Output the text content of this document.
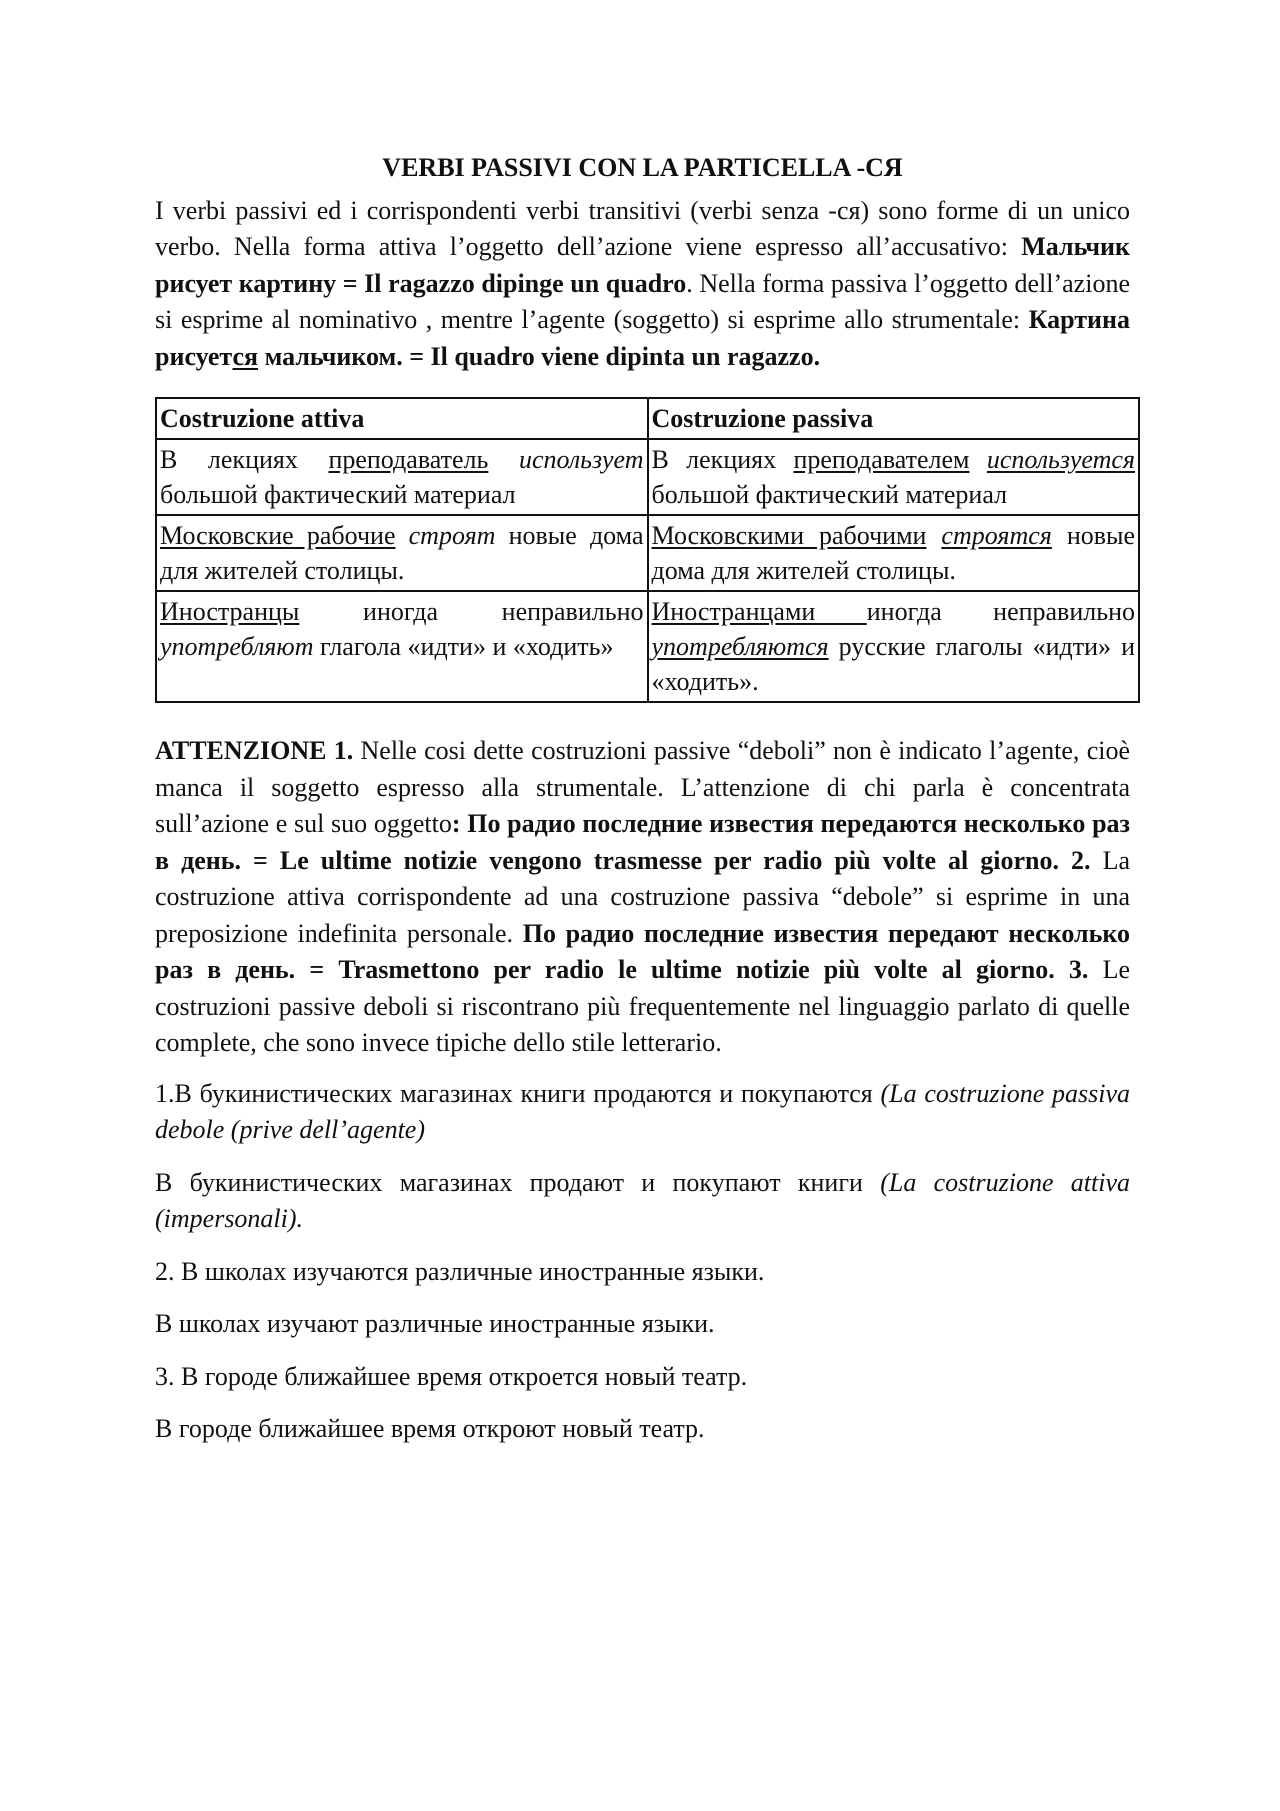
VERBI PASSIVI CON LA PARTICELLA -СЯ

I verbi passivi ed i corrispondenti verbi transitivi (verbi senza -ся) sono forme di un unico verbo. Nella forma attiva l’oggetto dell’azione viene espresso all’accusativo: Мальчик рисует картину = Il ragazzo dipinge un quadro. Nella forma passiva l’oggetto dell’azione si esprime al nominativo , mentre l’agente (soggetto) si esprime allo strumentale: Картина рисуется мальчиком. = Il quadro viene dipinta un ragazzo.

Costruzione attiva	Costruzione passiva
В лекциях преподаватель использует большой фактический материал	В лекциях преподавателем используется большой фактический материал
Московские рабочие строят новые дома для жителей столицы.	Московскими рабочими строятся новые дома для жителей столицы.
Иностранцы иногда неправильно употребляют глагола «идти» и «ходить»	Иностранцами иногда неправильно употребляются русские глаголы «идти» и «ходить».

ATTENZIONE 1. Nelle cosi dette costruzioni passive “deboli” non è indicato l’agente, cioè manca il soggetto espresso alla strumentale. L’attenzione di chi parla è concentrata sull’azione e sul suo oggetto: По радио последние известия передаются несколько раз в день. = Le ultime notizie vengono trasmesse per radio più volte al giorno. 2. La costruzione attiva corrispondente ad una costruzione passiva “debole” si esprime in una preposizione indefinita personale. По радио последние известия передают несколько раз в день. = Trasmettono per radio le ultime notizie più volte al giorno. 3. Le costruzioni passive deboli si riscontrano più frequentemente nel linguaggio parlato di quelle complete, che sono invece tipiche dello stile letterario.

1.В букинистических магазинах книги продаются и покупаются (La costruzione passiva debole (prive dell’agente)

В букинистических магазинах продают и покупают книги (La costruzione attiva (impersonali).

2. В школах изучаются различные иностранные языки.

В школах изучают различные иностранные языки.

3. В городе ближайшее время откроется новый театр.

В городе ближайшее время откроют новый театр.
